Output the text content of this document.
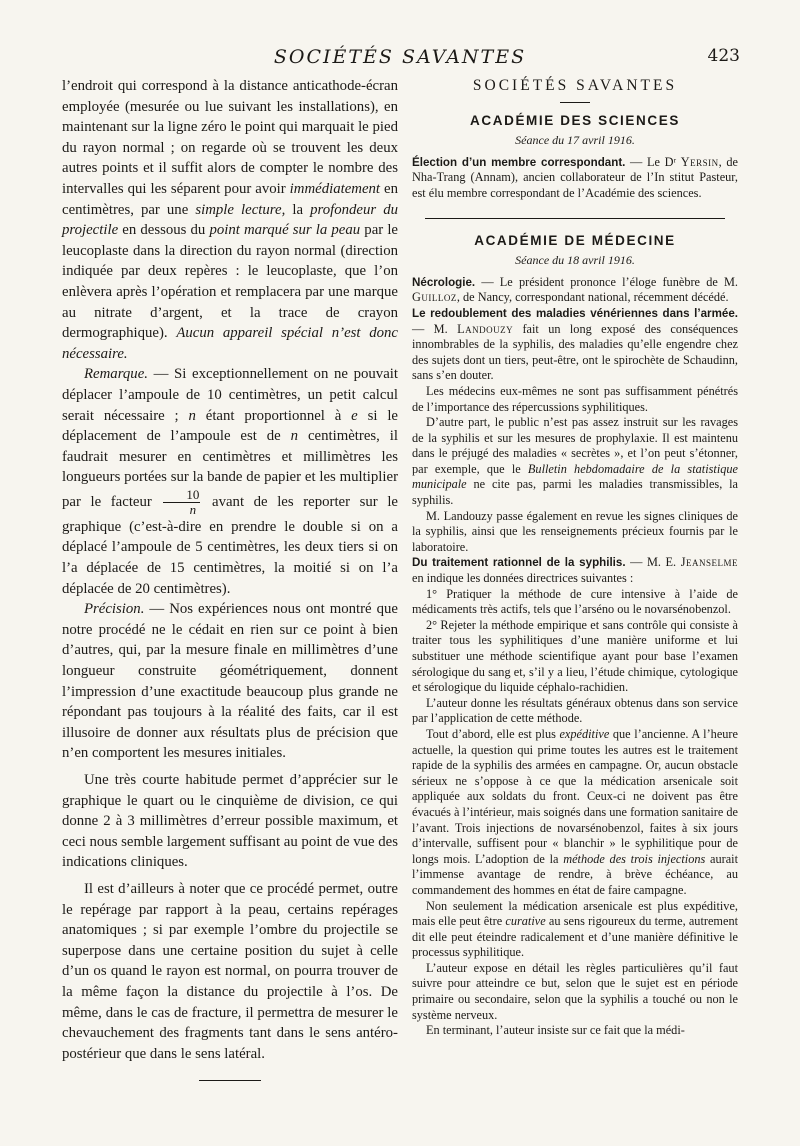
SOCIÉTÉS SAVANTES	423

l’endroit qui correspond à la distance anticathode-écran employée (mesurée ou lue suivant les installations), en maintenant sur la ligne zéro le point qui marquait le pied du rayon normal ; on regarde où se trouvent les deux autres points et il suffit alors de compter le nombre des intervalles qui les séparent pour avoir immédiatement en centimètres, par une simple lecture, la profondeur du projectile en dessous du point marqué sur la peau par le leucoplaste dans la direction du rayon normal (direction indiquée par deux repères : le leucoplaste, que l’on enlèvera après l’opération et remplacera par une marque au nitrate d’argent, et la trace de crayon dermographique). Aucun appareil spécial n’est donc nécessaire.

Remarque. — Si exceptionnellement on ne pouvait déplacer l’ampoule de 10 centimètres, un petit calcul serait nécessaire ; n étant proportionnel à e si le déplacement de l’ampoule est de n centimètres, il faudrait mesurer en centimètres et millimètres les longueurs portées sur la bande de papier et les multiplier par le facteur $\frac{10}{n}$ avant de les reporter sur le graphique (c’est-à-dire en prendre le double si on a déplacé l’ampoule de 5 centimètres, les deux tiers si on l’a déplacée de 15 centimètres, la moitié si on l’a déplacée de 20 centimètres).

Précision. — Nos expériences nous ont montré que notre procédé ne le cédait en rien sur ce point à bien d’autres, qui, par la mesure finale en millimètres d’une longueur construite géométriquement, donnent l’impression d’une exactitude beaucoup plus grande ne répondant pas toujours à la réalité des faits, car il est illusoire de donner aux résultats plus de précision que n’en comportent les mesures initiales.

Une très courte habitude permet d’apprécier sur le graphique le quart ou le cinquième de division, ce qui donne 2 à 3 millimètres d’erreur possible maximum, et ceci nous semble largement suffisant au point de vue des indications cliniques.

Il est d’ailleurs à noter que ce procédé permet, outre le repérage par rapport à la peau, certains repérages anatomiques ; si par exemple l’ombre du projectile se superpose dans une certaine position du sujet à celle d’un os quand le rayon est normal, on pourra trouver de la même façon la distance du projectile à l’os. De même, dans le cas de fracture, il permettra de mesurer le chevauchement des fragments tant dans le sens antéro-postérieur que dans le sens latéral.

SOCIÉTÉS SAVANTES
ACADÉMIE DES SCIENCES
Séance du 17 avril 1916.

Élection d’un membre correspondant. — Le Dʳ Yersin, de Nha-Trang (Annam), ancien collaborateur de l’In stitut Pasteur, est élu membre correspondant de l’Académie des sciences.

ACADÉMIE DE MÉDECINE
Séance du 18 avril 1916.

Nécrologie. — Le président prononce l’éloge funèbre de M. Guilloz, de Nancy, correspondant national, récemment décédé.

Le redoublement des maladies vénériennes dans l’armée. — M. Landouzy fait un long exposé des conséquences innombrables de la syphilis, des maladies qu’elle engendre chez des sujets dont un tiers, peut-être, ont le spirochète de Schaudinn, sans s’en douter.

Les médecins eux-mêmes ne sont pas suffisamment pénétrés de l’importance des répercussions syphilitiques.

D’autre part, le public n’est pas assez instruit sur les ravages de la syphilis et sur les mesures de prophylaxie. Il est maintenu dans le préjugé des maladies « secrètes », et l’on peut s’étonner, par exemple, que le Bulletin hebdomadaire de la statistique municipale ne cite pas, parmi les maladies transmissibles, la syphilis.

M. Landouzy passe également en revue les signes cliniques de la syphilis, ainsi que les renseignements précieux fournis par le laboratoire.

Du traitement rationnel de la syphilis. — M. E. Jeanselme en indique les données directrices suivantes :

1° Pratiquer la méthode de cure intensive à l’aide de médicaments très actifs, tels que l’arséno ou le novarsénobenzol.

2° Rejeter la méthode empirique et sans contrôle qui consiste à traiter tous les syphilitiques d’une manière uniforme et lui substituer une méthode scientifique ayant pour base l’examen sérologique du sang et, s’il y a lieu, l’étude chimique, cytologique et sérologique du liquide céphalo-rachidien.

L’auteur donne les résultats généraux obtenus dans son service par l’application de cette méthode.

Tout d’abord, elle est plus expéditive que l’ancienne. A l’heure actuelle, la question qui prime toutes les autres est le traitement rapide de la syphilis des armées en campagne. Or, aucun obstacle sérieux ne s’oppose à ce que la médication arsenicale soit appliquée aux soldats du front. Ceux-ci ne doivent pas être évacués à l’intérieur, mais soignés dans une formation sanitaire de l’avant. Trois injections de novarsénobenzol, faites à six jours d’intervalle, suffisent pour « blanchir » le syphilitique pour de longs mois. L’adoption de la méthode des trois injections aurait l’immense avantage de rendre, à brève échéance, au commandement des hommes en état de faire campagne.

Non seulement la médication arsenicale est plus expéditive, mais elle peut être curative au sens rigoureux du terme, autrement dit elle peut éteindre radicalement et d’une manière définitive le processus syphilitique.

L’auteur expose en détail les règles particulières qu’il faut suivre pour atteindre ce but, selon que le sujet est en période primaire ou secondaire, selon que la syphilis a touché ou non le système nerveux.

En terminant, l’auteur insiste sur ce fait que la médi-
